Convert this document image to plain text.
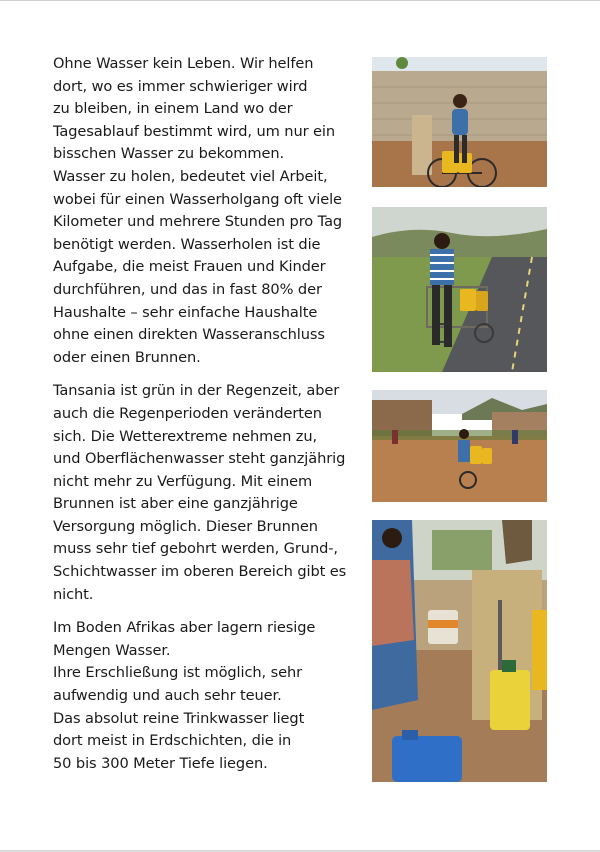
Ohne Wasser kein Leben. Wir helfen
dort, wo es immer schwieriger wird
zu bleiben, in einem Land wo der
Tagesablauf bestimmt wird, um nur ein
bisschen Wasser zu bekommen.
Wasser zu holen, bedeutet viel Arbeit,
wobei für einen Wasserholgang oft viele
Kilometer und mehrere Stunden pro Tag
benötigt werden. Wasserholen ist die
Aufgabe, die meist Frauen und Kinder
durchführen, und das in fast 80% der
Haushalte – sehr einfache Haushalte
ohne einen direkten Wasseranschluss
oder einen Brunnen.

Tansania ist grün in der Regenzeit, aber
auch die Regenperioden veränderten
sich. Die Wetterextreme nehmen zu,
und Oberflächenwasser steht ganzjährig
nicht mehr zu Verfügung. Mit einem
Brunnen ist aber eine ganzjährige
Versorgung möglich. Dieser Brunnen
muss sehr tief gebohrt werden, Grund-,
Schichtwasser im oberen Bereich gibt es
nicht.

Im Boden Afrikas aber lagern riesige
Mengen Wasser.
Ihre Erschließung ist möglich, sehr
aufwendig und auch sehr teuer.
Das absolut reine Trinkwasser liegt
dort meist in Erdschichten, die in
50 bis 300 Meter Tiefe liegen.
